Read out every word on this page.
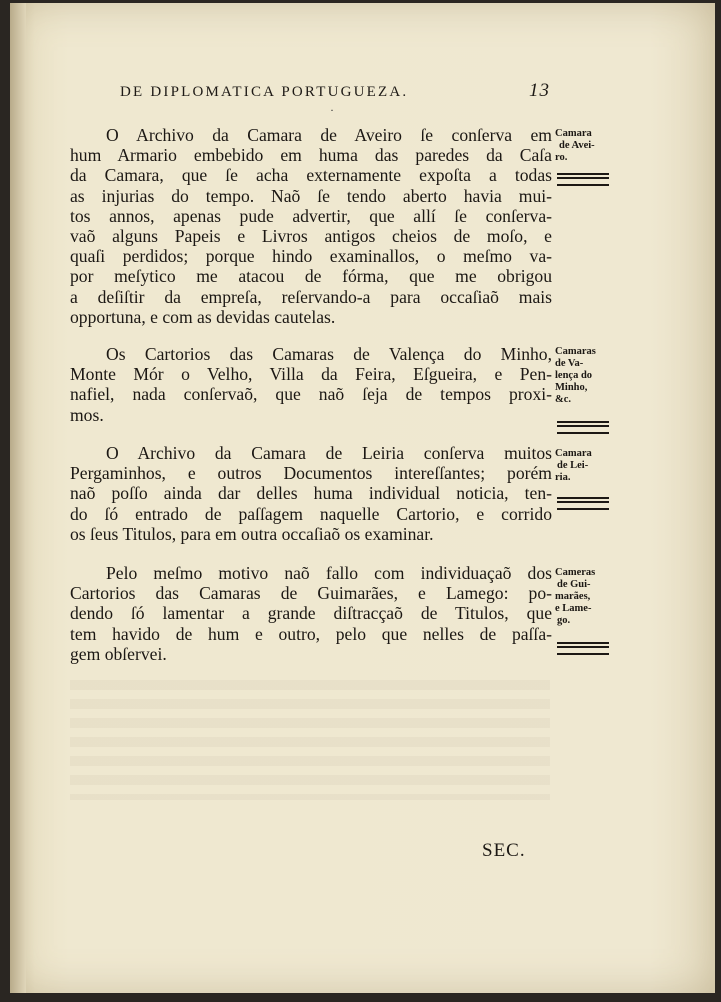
DE DIPLOMATICA PORTUGUEZA.	13
·

O Archivo da Camara de Aveiro ſe conſerva em
hum Armario embebido em huma das paredes da Caſa
da Camara, que ſe acha externamente expoſta a todas
as injurias do tempo. Naõ ſe tendo aberto havia mui-
tos annos, apenas pude advertir, que allí ſe conſerva-
vaõ alguns Papeis e Livros antigos cheios de moſo, e
quaſi perdidos; porque hindo examinallos, o meſmo va-
por meſytico me atacou de fórma, que me obrigou
a deſiſtir da empreſa, reſervando-a para occaſiaõ mais
opportuna, e com as devidas cautelas.

Os Cartorios das Camaras de Valença do Minho,
Monte Mór o Velho, Villa da Feira, Eſgueira, e Pen-
nafiel, nada conſervaõ, que naõ ſeja de tempos proxi-
mos.

O Archivo da Camara de Leiria conſerva muitos
Pergaminhos, e outros Documentos intereſſantes; porém
naõ poſſo ainda dar delles huma individual noticia, ten-
do ſó entrado de paſſagem naquelle Cartorio, e corrido
os ſeus Titulos, para em outra occaſiaõ os examinar.

Pelo meſmo motivo naõ fallo com individuaçaõ dos
Cartorios das Camaras de Guimarães, e Lamego: po-
dendo ſó lamentar a grande diſtracçaõ de Titulos, que
tem havido de hum e outro, pelo que nelles de paſſa-
gem obſervei.

Camara
de Avei-
ro.
Camaras
de Va-
lença do
Minho,
&c.
Camara
de Lei-
ria.
Cameras
de Gui-
marães,
e Lame-
go.
SEC.
